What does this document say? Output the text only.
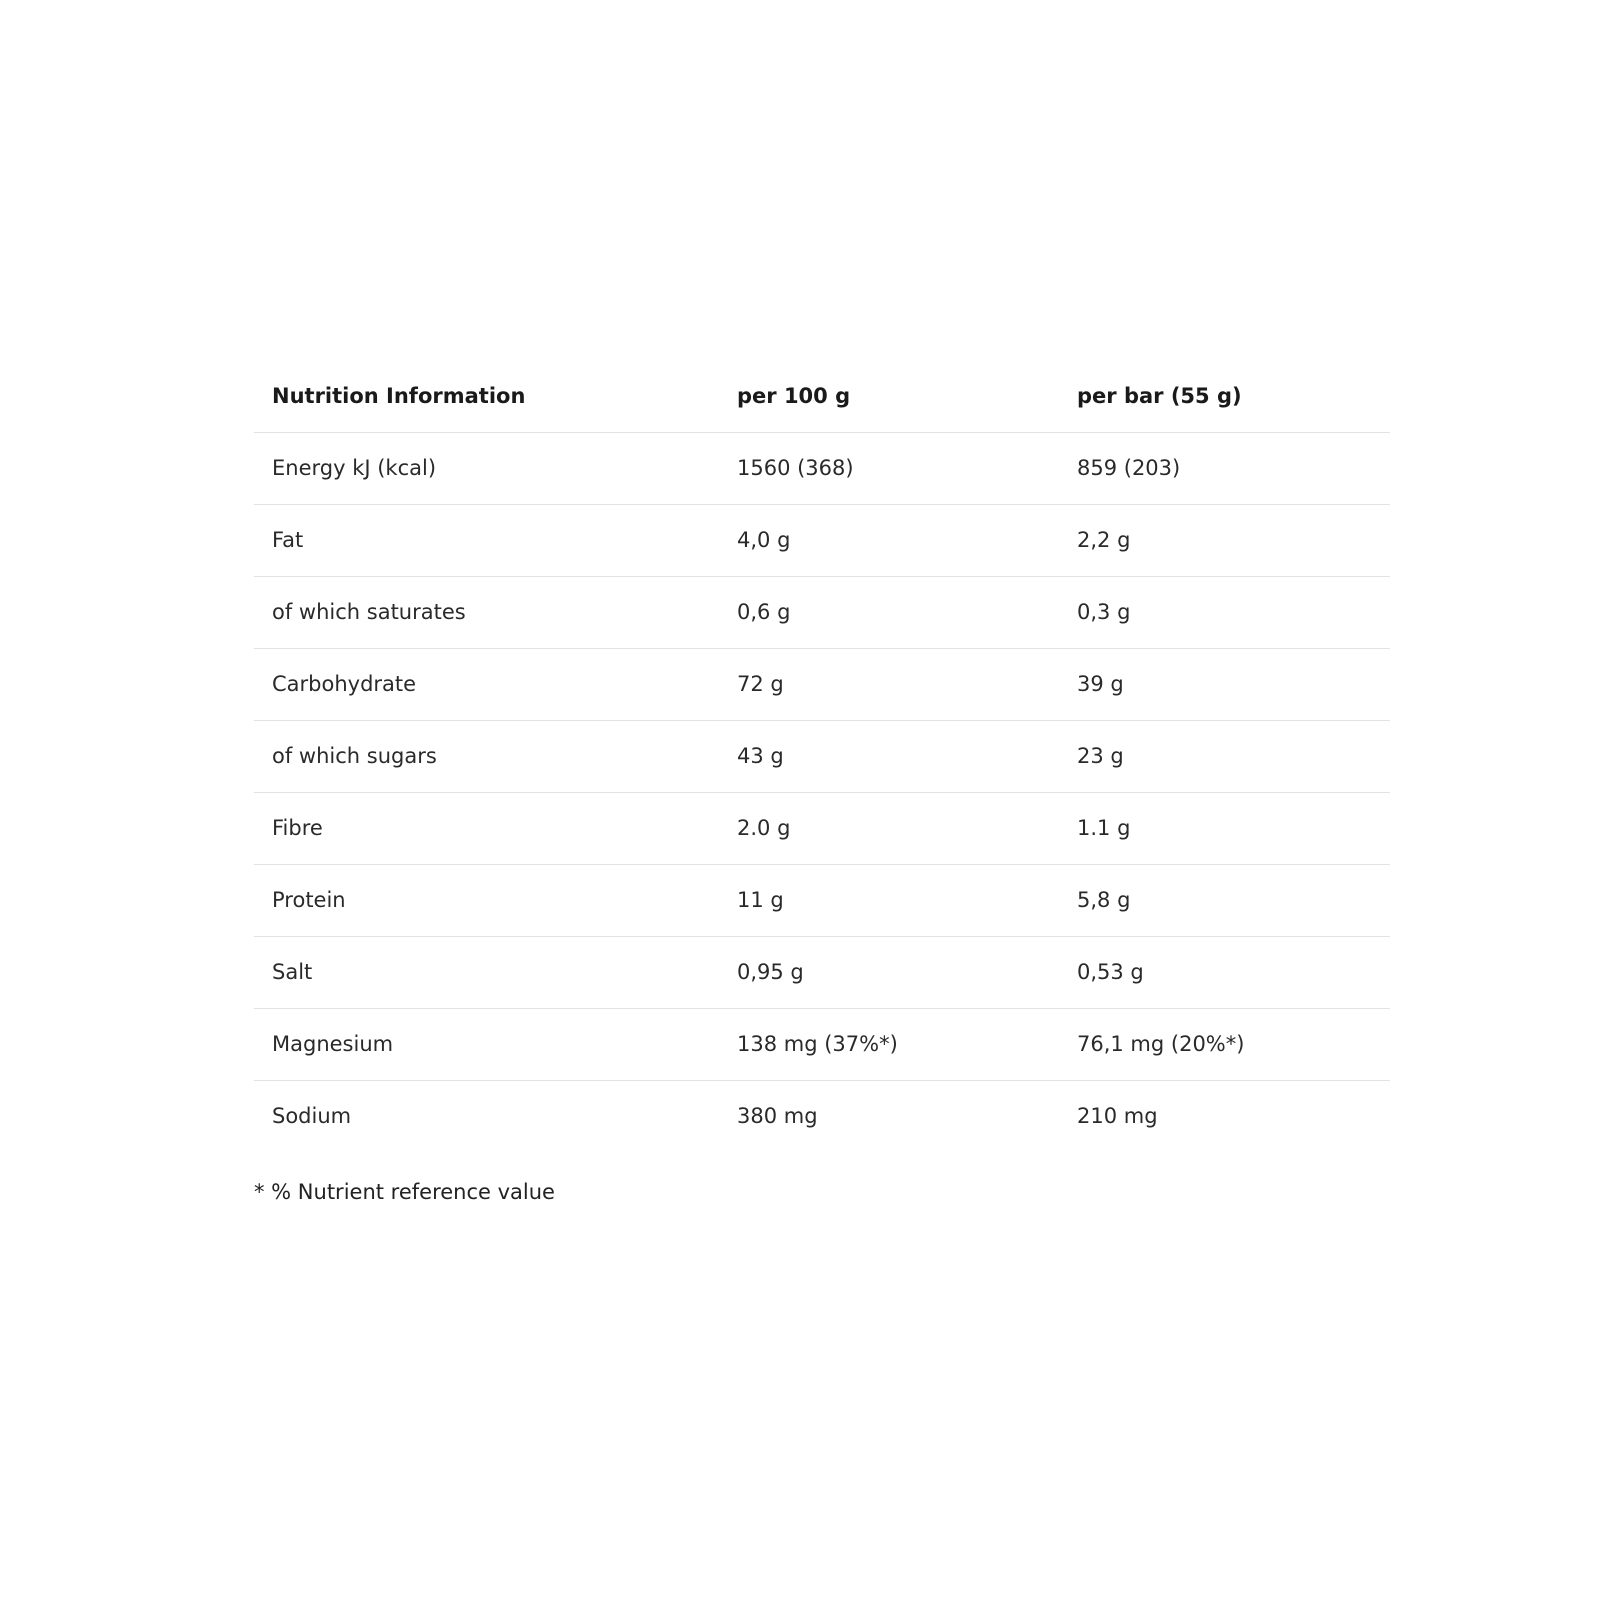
Nutrition Information	per 100 g	per bar (55 g)
Energy kJ (kcal)	1560 (368)	859 (203)
Fat	4,0 g	2,2 g
of which saturates	0,6 g	0,3 g
Carbohydrate	72 g	39 g
of which sugars	43 g	23 g
Fibre	2.0 g	1.1 g
Protein	11 g	5,8 g
Salt	0,95 g	0,53 g
Magnesium	138 mg (37%*)	76,1 mg (20%*)
Sodium	380 mg	210 mg

* % Nutrient reference value
